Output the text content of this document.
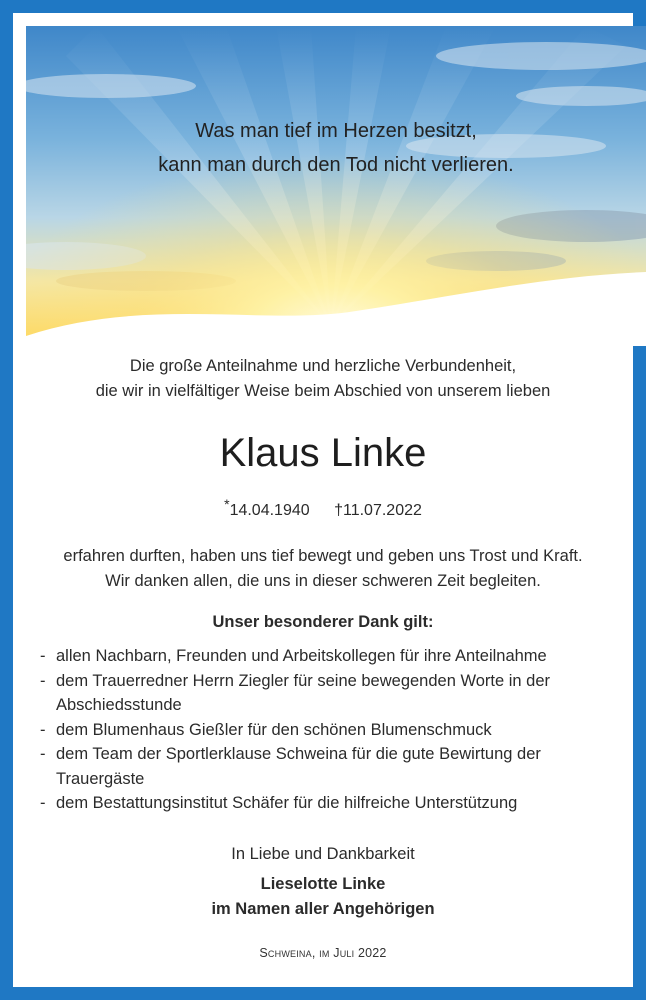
Was man tief im Herzen besitzt,
kann man durch den Tod nicht verlieren.
Die große Anteilnahme und herzliche Verbundenheit,
die wir in vielfältiger Weise beim Abschied von unserem lieben
Klaus Linke
*14.04.1940 †11.07.2022
erfahren durften, haben uns tief bewegt und geben uns Trost und Kraft.
Wir danken allen, die uns in dieser schweren Zeit begleiten.
Unser besonderer Dank gilt:
- allen Nachbarn, Freunden und Arbeitskollegen für ihre Anteilnahme
- dem Trauerredner Herrn Ziegler für seine bewegenden Worte in der
Abschiedsstunde
- dem Blumenhaus Gießler für den schönen Blumenschmuck
- dem Team der Sportlerklause Schweina für die gute Bewirtung der
Trauergäste
- dem Bestattungsinstitut Schäfer für die hilfreiche Unterstützung
In Liebe und Dankbarkeit
Lieselotte Linke
im Namen aller Angehörigen
Schweina, im Juli 2022
